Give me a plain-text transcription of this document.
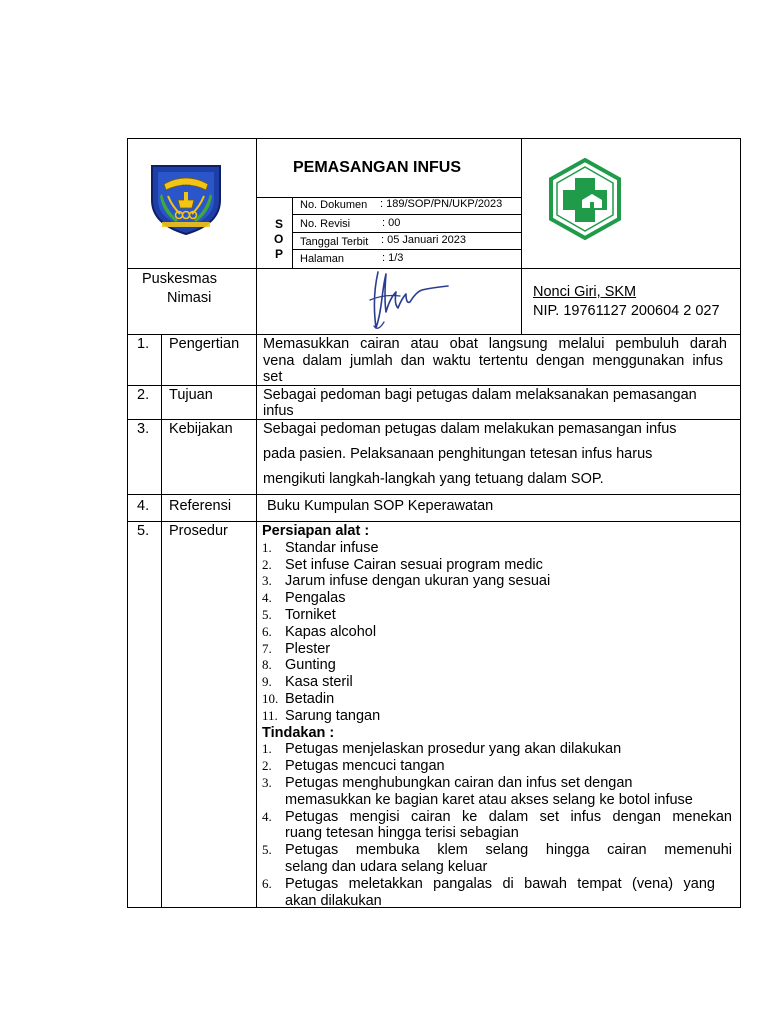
• • •
PEMASANGAN INFUS
S
O
P
No. Dokumen : 189/SOP/PN/UKP/2023
No. Revisi	: 00
Tanggal Terbit : 05 Januari 2023
Halaman	: 1/3
Puskesmas
Nimasi	Nonci Giri, SKM
NIP. 19761127 200604 2 027
1. Pengertian Memasukkan cairan atau obat langsung melalui pembuluh darah
vena dalam jumlah dan waktu tertentu dengan menggunakan infus
set
2. Tujuan	Sebagai pedoman bagi petugas dalam melaksanakan pemasangan
infus
3. Kebijakan Sebagai pedoman petugas dalam melakukan pemasangan infus
pada pasien. Pelaksanaan penghitungan tetesan infus harus
mengikuti langkah-langkah yang tetuang dalam SOP.
4. Referensi Buku Kumpulan SOP Keperawatan
5. Prosedur Persiapan alat :
1. Standar infuse
2. Set infuse Cairan sesuai program medic
3. Jarum infuse dengan ukuran yang sesuai
4. Pengalas
5. Torniket
6. Kapas alcohol
7. Plester
8. Gunting
9. Kasa steril
10. Betadin
11. Sarung tangan
Tindakan :
1. Petugas menjelaskan prosedur yang akan dilakukan
2. Petugas mencuci tangan
3. Petugas menghubungkan cairan dan infus set dengan
memasukkan ke bagian karet atau akses selang ke botol infuse
4. Petugas mengisi cairan ke dalam set infus dengan menekan
ruang tetesan hingga terisi sebagian
5. Petugas membuka klem selang hingga cairan memenuhi
selang dan udara selang keluar
6. Petugas meletakkan pangalas di bawah tempat (vena) yang
akan dilakukan
